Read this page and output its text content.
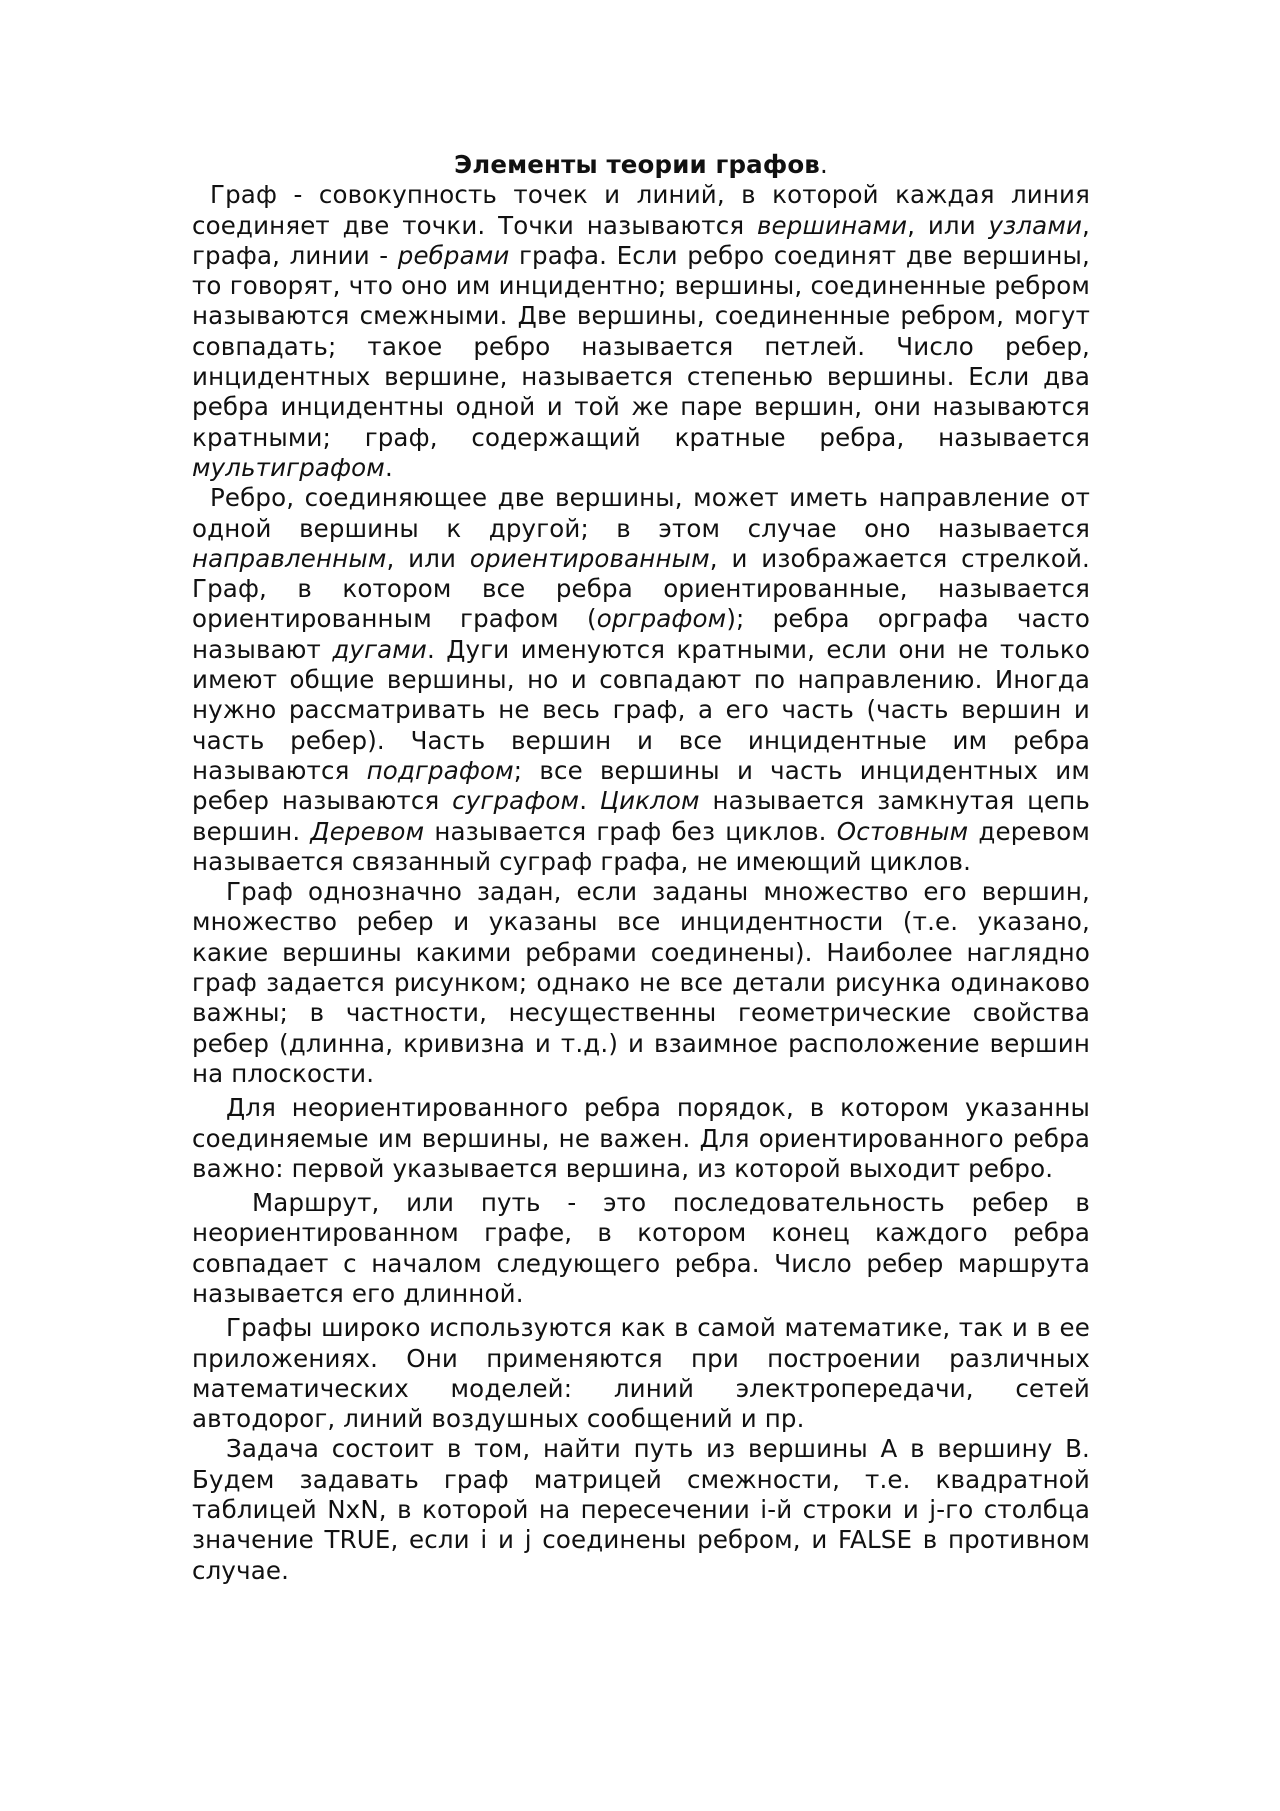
Элементы теории графов.

Граф - совокупность точек и линий, в которой каждая линия соединяет две точки. Точки называются вершинами, или узлами, графа, линии - ребрами графа. Если ребро соединят две вершины, то говорят, что оно им инцидентно; вершины, соединенные ребром называются смежными. Две вершины, соединенные ребром, могут совпадать; такое ребро называется петлей. Число ребер, инцидентных вершине, называется степенью вершины. Если два ребра инцидентны одной и той же паре вершин, они называются кратными; граф, содержащий кратные ребра, называется мультиграфом.

Ребро, соединяющее две вершины, может иметь направление от одной вершины к другой; в этом случае оно называется направленным, или ориентированным, и изображается стрелкой. Граф, в котором все ребра ориентированные, называется ориентированным графом (орграфом); ребра орграфа часто называют дугами. Дуги именуются кратными, если они не только имеют общие вершины, но и совпадают по направлению. Иногда нужно рассматривать не весь граф, а его часть (часть вершин и часть ребер). Часть вершин и все инцидентные им ребра называются подграфом; все вершины и часть инцидентных им ребер называются суграфом. Циклом называется замкнутая цепь вершин. Деревом называется граф без циклов. Остовным деревом называется связанный суграф графа, не имеющий циклов.

Граф однозначно задан, если заданы множество его вершин, множество ребер и указаны все инцидентности (т.е. указано, какие вершины какими ребрами соединены). Наиболее наглядно граф задается рисунком; однако не все детали рисунка одинаково важны; в частности, несущественны геометрические свойства ребер (длинна, кривизна и т.д.) и взаимное расположение вершин на плоскости.

Для неориентированного ребра порядок, в котором указанны соединяемые им вершины, не важен. Для ориентированного ребра важно: первой указывается вершина, из которой выходит ребро.

Маршрут, или путь - это последовательность ребер в неориентированном графе, в котором конец каждого ребра совпадает с началом следующего ребра. Число ребер маршрута называется его длинной.

Графы широко используются как в самой математике, так и в ее приложениях. Они применяются при построении различных математических моделей: линий электропередачи, сетей автодорог, линий воздушных сообщений и пр.

Задача состоит в том, найти путь из вершины А в вершину В. Будем задавать граф матрицей смежности, т.е. квадратной таблицей NxN, в которой на пересечении i-й строки и j-го столбца значение TRUE, если i и j соединены ребром, и FALSE в противном случае.
